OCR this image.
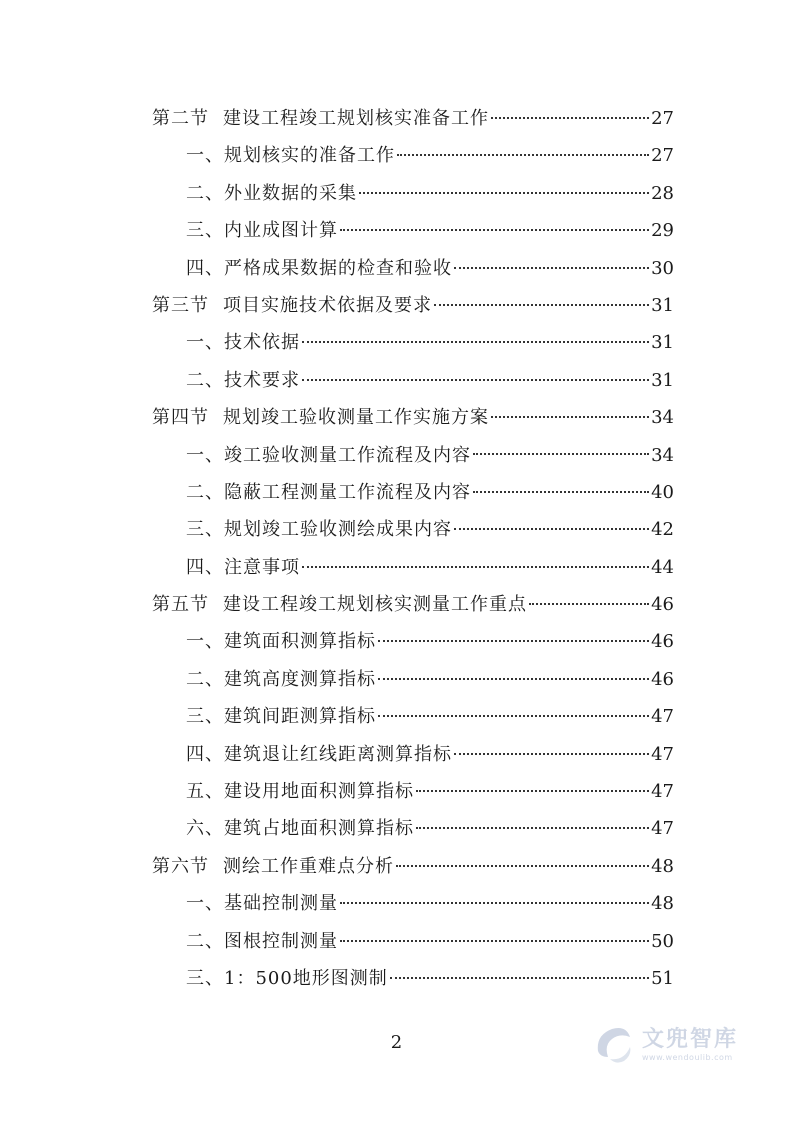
第二节 建设工程竣工规划核实准备工作	27
一、 规划核实的准备工作	27
二、 外业数据的采集	28
三、 内业成图计算	29
四、 严格成果数据的检查和验收	30
第三节 项目实施技术依据及要求	31
一、 技术依据	31
二、 技术要求	31
第四节 规划竣工验收测量工作实施方案	34
一、 竣工验收测量工作流程及内容	34
二、 隐蔽工程测量工作流程及内容	40
三、 规划竣工验收测绘成果内容	42
四、 注意事项	44
第五节 建设工程竣工规划核实测量工作重点	46
一、 建筑面积测算指标	46
二、 建筑高度测算指标	46
三、 建筑间距测算指标	47
四、 建筑退让红线距离测算指标	47
五、 建设用地面积测算指标	47
六、 建筑占地面积测算指标	47
第六节 测绘工作重难点分析	48
一、 基础控制测量	48
二、 图根控制测量	50
三、 1：500地形图测制	51
2	文兜智库
www.wendoulib.com
